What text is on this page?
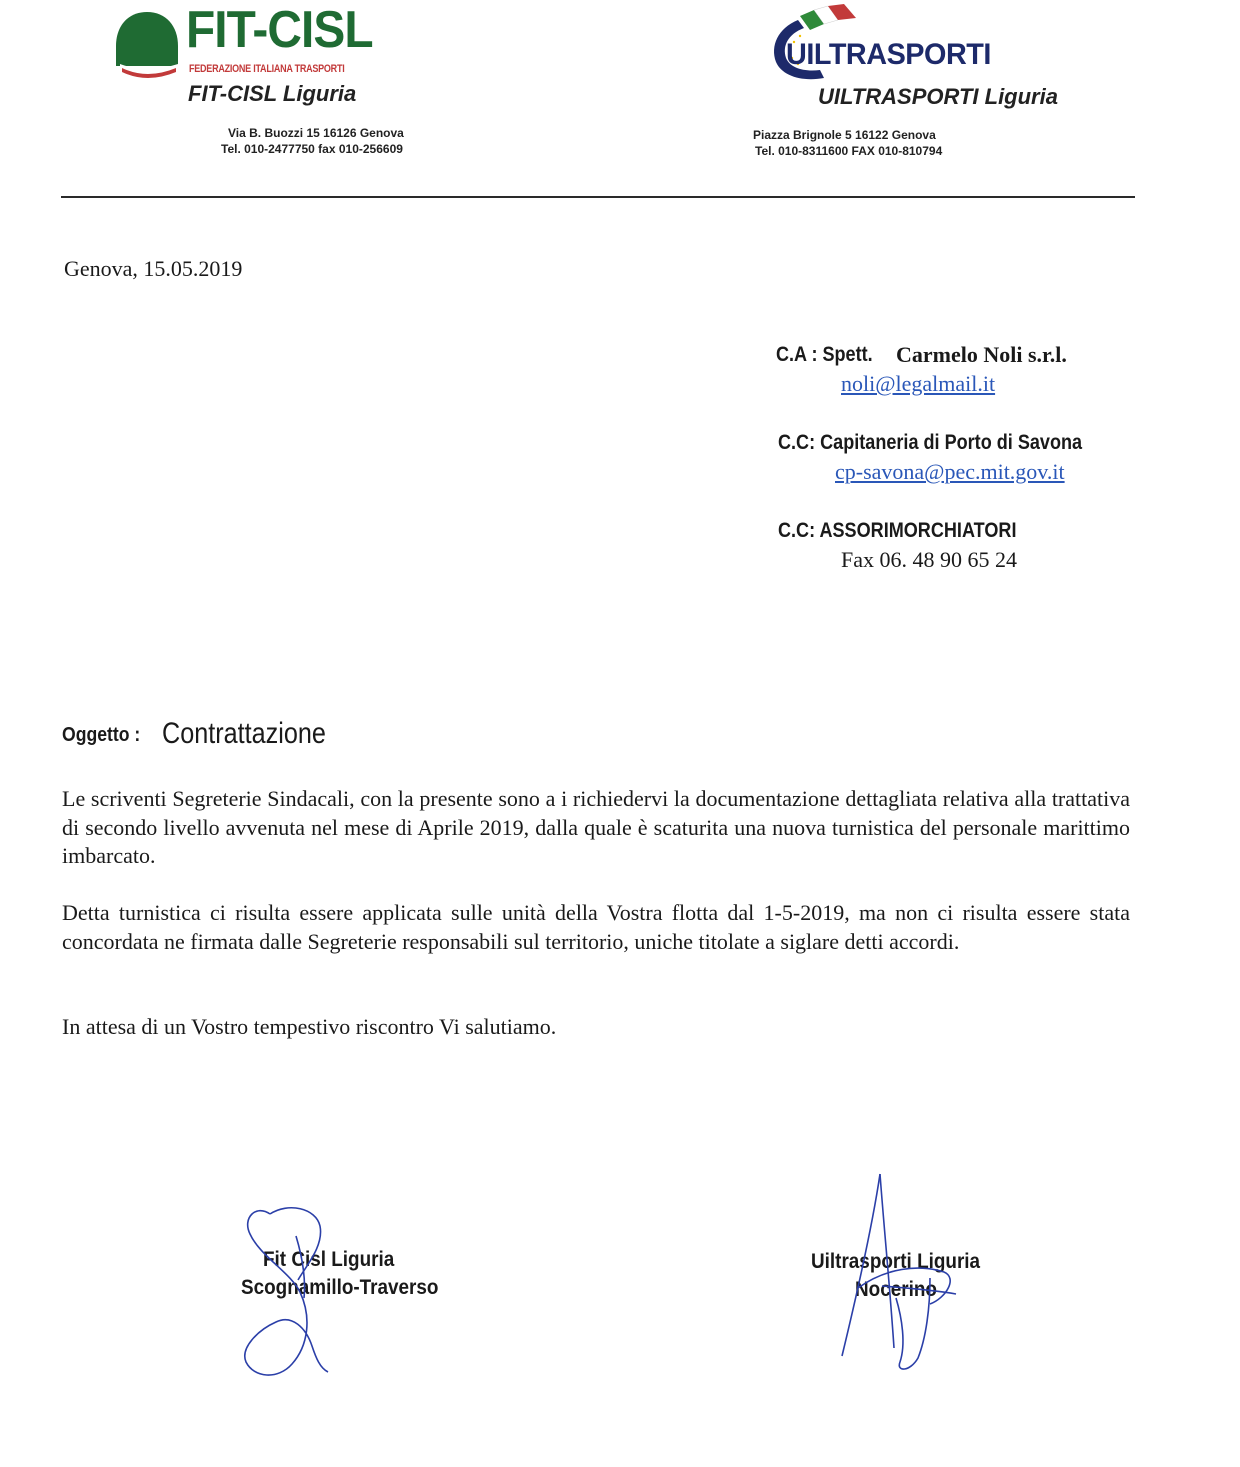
FIT-CISL
FEDERAZIONE ITALIANA TRASPORTI
FIT-CISL Liguria
Via B. Buozzi 15 16126 Genova
Tel. 010-2477750 fax 010-256609
UILTRASPORTI
UILTRASPORTI Liguria
Piazza Brignole 5 16122 Genova
Tel. 010-8311600 FAX 010-810794
Genova, 15.05.2019
C.A : Spett. Carmelo Noli s.r.l.
noli@legalmail.it
C.C: Capitaneria di Porto di Savona
cp-savona@pec.mit.gov.it
C.C: ASSORIMORCHIATORI
Fax 06. 48 90 65 24
Oggetto : Contrattazione
Le scriventi Segreterie Sindacali, con la presente sono a i richiedervi la documentazione dettagliata relativa alla trattativa di secondo livello avvenuta nel mese di Aprile 2019, dalla quale è scaturita una nuova turnistica del personale marittimo imbarcato.
Detta turnistica ci risulta essere applicata sulle unità della Vostra flotta dal 1-5-2019, ma non ci risulta essere stata concordata ne firmata dalle Segreterie responsabili sul territorio, uniche titolate a siglare detti accordi.
In attesa di un Vostro tempestivo riscontro Vi salutiamo.
Fit Cisl Liguria
Scognamillo-Traverso
Uiltrasporti Liguria
Nocerino
